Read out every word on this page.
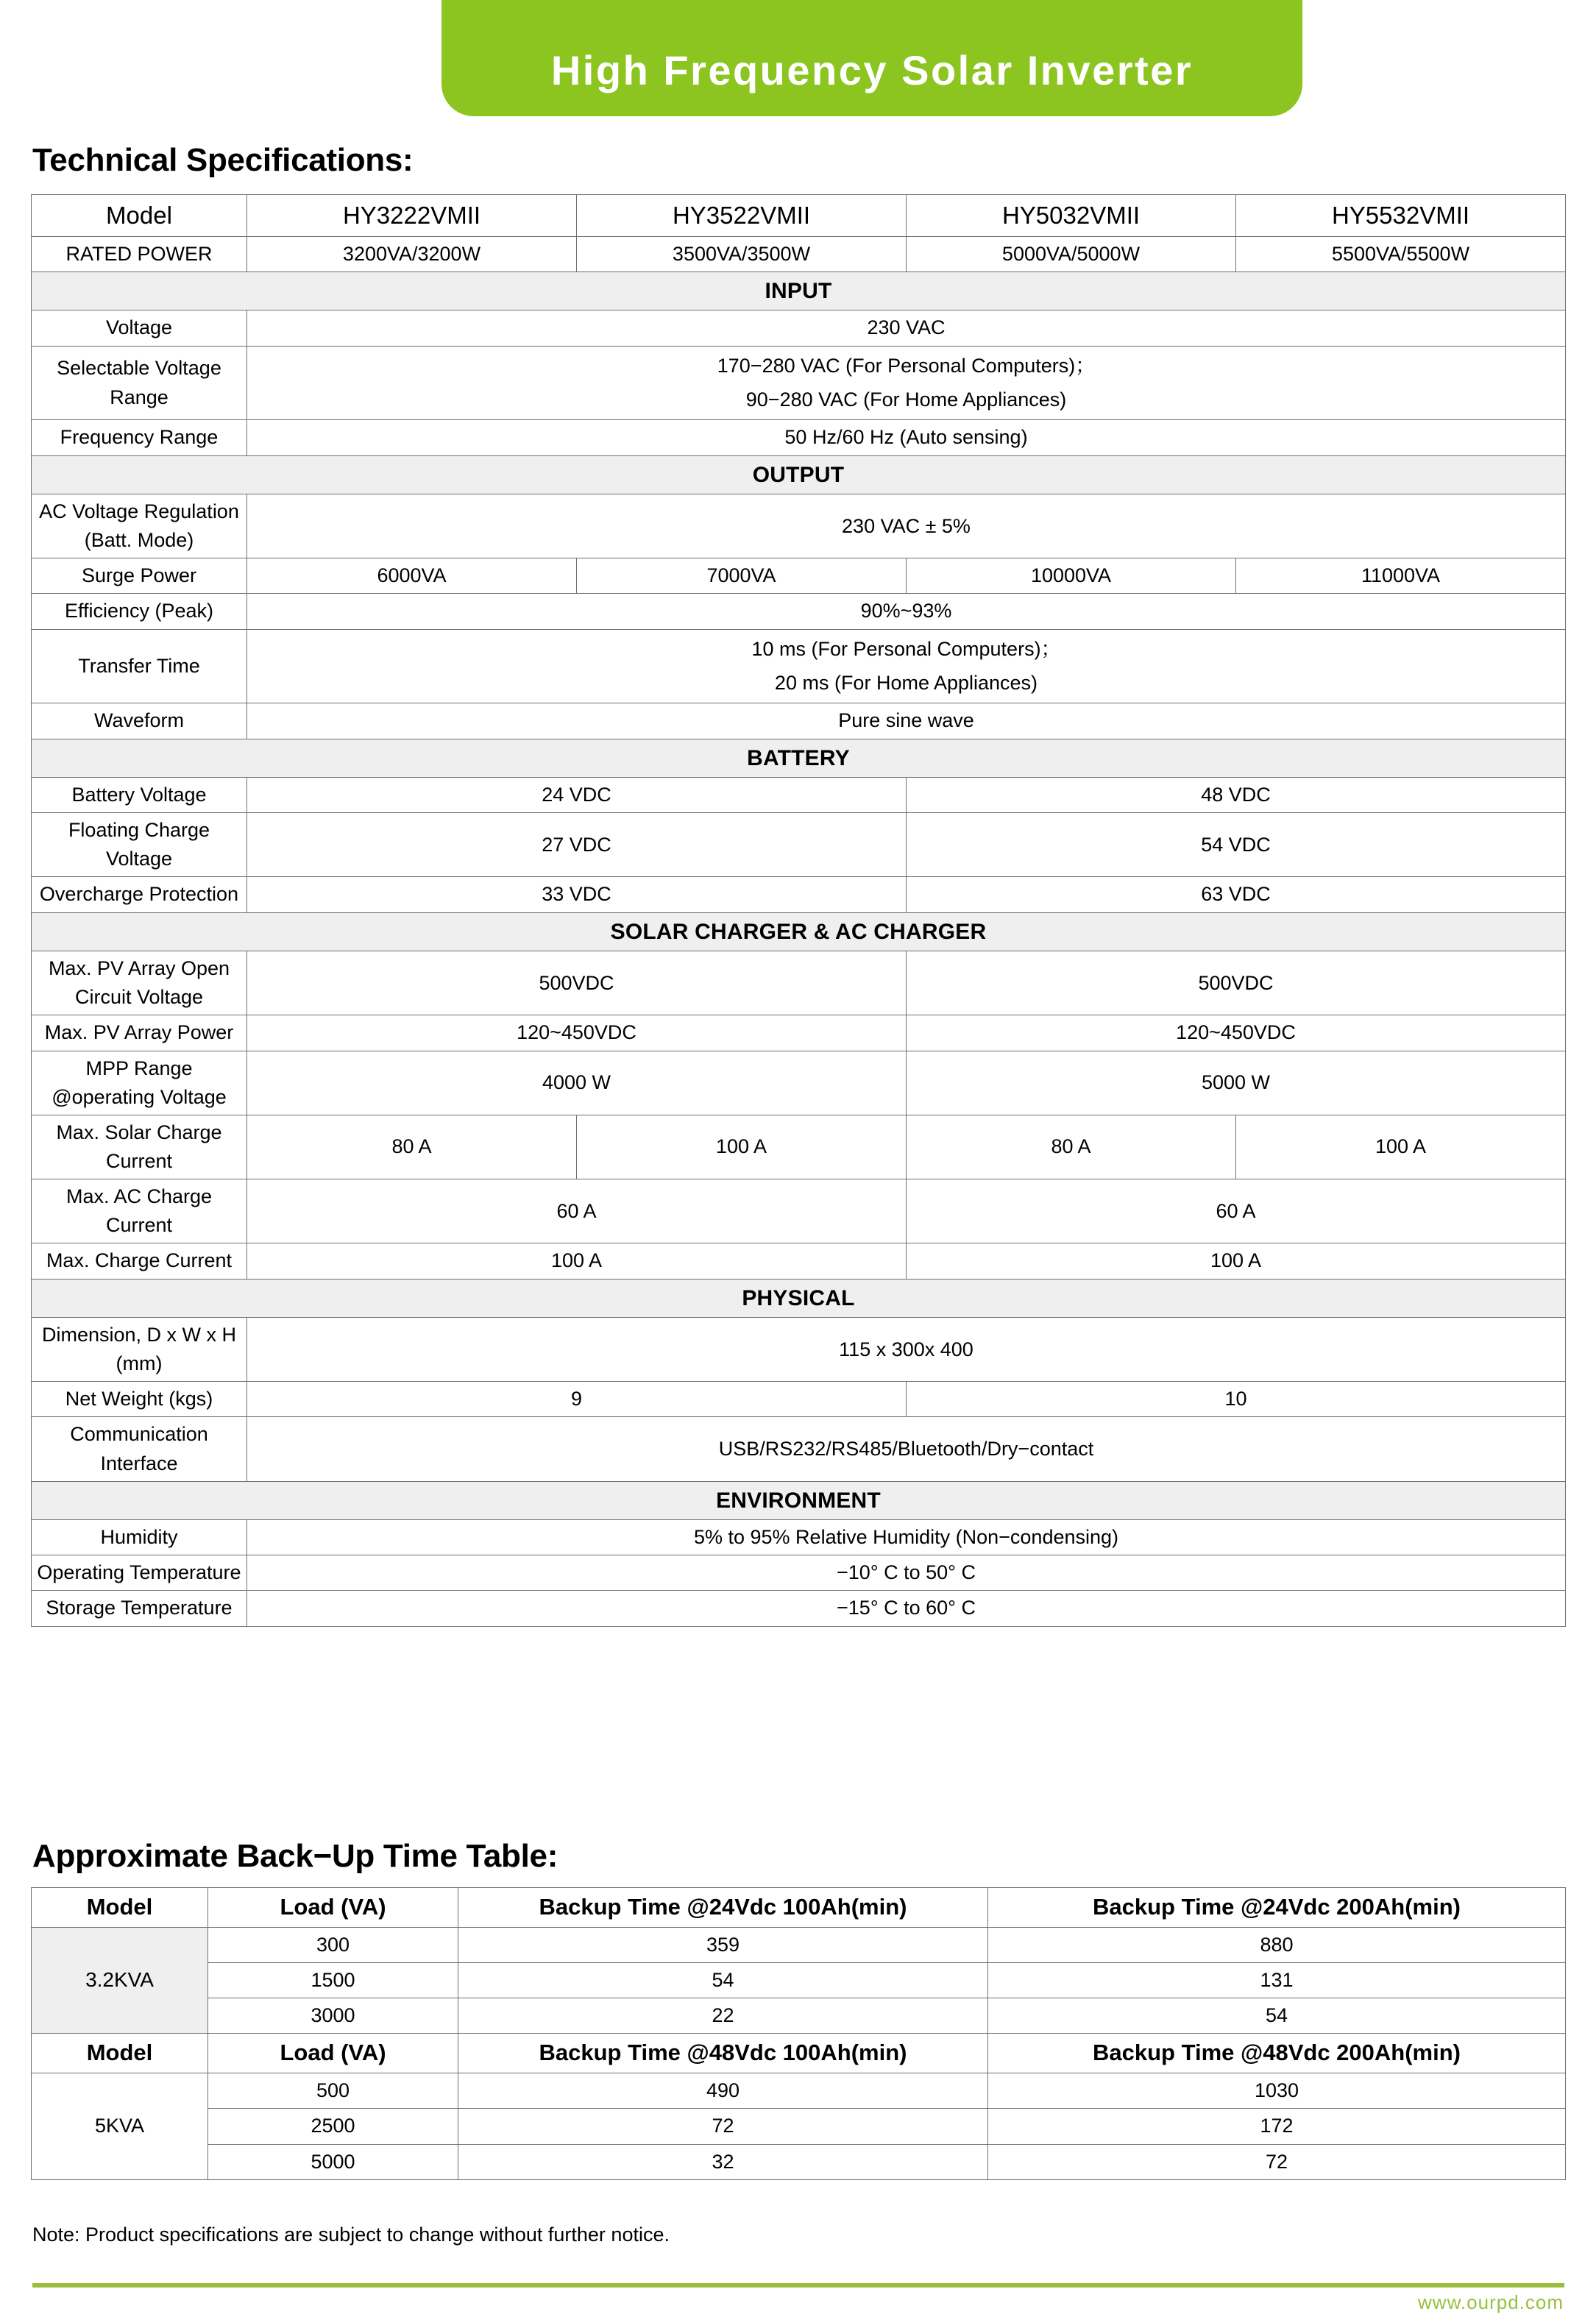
High Frequency Solar Inverter
Technical Specifications:
Model	HY3222VMII	HY3522VMII	HY5032VMII	HY5532VMII
RATED POWER	3200VA/3200W	3500VA/3500W	5000VA/5000W	5500VA/5500W
INPUT				
Voltage	230 VAC			
Selectable Voltage Range	170−280 VAC (For Personal Computers)；
90−280 VAC (For Home Appliances)			

Frequency Range	50 Hz/60 Hz (Auto sensing)			
OUTPUT				
AC Voltage Regulation (Batt. Mode)	230 VAC ± 5%			
Surge Power	6000VA	7000VA	10000VA	11000VA
Efficiency (Peak)	90%~93%			
Transfer Time	10 ms (For Personal Computers)；
20 ms (For Home Appliances)			

Waveform	Pure sine wave			
BATTERY				
Battery Voltage	24 VDC		48 VDC	
Floating Charge Voltage	27 VDC		54 VDC	
Overcharge Protection	33 VDC		63 VDC	
SOLAR CHARGER & AC CHARGER				
Max. PV Array Open Circuit Voltage	500VDC		500VDC	
Max. PV Array Power	120~450VDC		120~450VDC	
MPP Range @operating Voltage	4000 W		5000 W	
Max. Solar Charge Current	80 A	100 A	80 A	100 A
Max. AC Charge Current	60 A		60 A	
Max. Charge Current	100 A		100 A	
PHYSICAL				
Dimension, D x W x H (mm)	115 x 300x 400			
Net Weight (kgs)	9		10	
Communication Interface	USB/RS232/RS485/Bluetooth/Dry−contact			
ENVIRONMENT				
Humidity	5% to 95% Relative Humidity (Non−condensing)			
Operating Temperature	−10° C to 50° C			
Storage Temperature	−15° C to 60° C			
Approximate Back−Up Time Table:
Model	Load (VA)	Backup Time @24Vdc 100Ah(min)	Backup Time @24Vdc 200Ah(min)
3.2KVA	300	359	880
	1500	54	131
	3000	22	54
Model	Load (VA)	Backup Time @48Vdc 100Ah(min)	Backup Time @48Vdc 200Ah(min)
5KVA	500	490	1030
	2500	72	172
	5000	32	72
Note: Product specifications are subject to change without further notice.
www.ourpd.com
